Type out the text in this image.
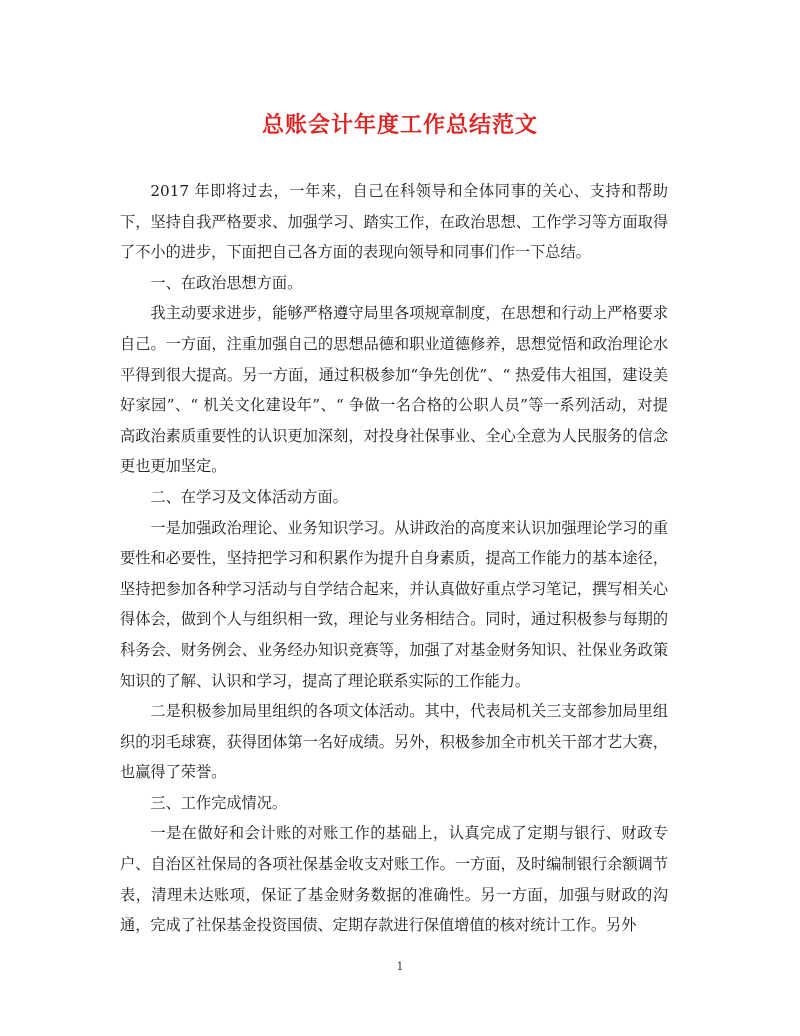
总账会计年度工作总结范文

2017 年即将过去，一年来，自己在科领导和全体同事的关心、支持和帮助下，坚持自我严格要求、加强学习、踏实工作，在政治思想、工作学习等方面取得了不小的进步，下面把自己各方面的表现向领导和同事们作一下总结。

一、在政治思想方面。

我主动要求进步，能够严格遵守局里各项规章制度，在思想和行动上严格要求自己。一方面，注重加强自己的思想品德和职业道德修养，思想觉悟和政治理论水平得到很大提高。另一方面，通过积极参加“争先创优”、“ 热爱伟大祖国，建设美好家园”、“ 机关文化建设年”、“ 争做一名合格的公职人员”等一系列活动，对提高政治素质重要性的认识更加深刻，对投身社保事业、全心全意为人民服务的信念更也更加坚定。

二、在学习及文体活动方面。

一是加强政治理论、业务知识学习。从讲政治的高度来认识加强理论学习的重要性和必要性，坚持把学习和积累作为提升自身素质，提高工作能力的基本途径，坚持把参加各种学习活动与自学结合起来，并认真做好重点学习笔记，撰写相关心得体会，做到个人与组织相一致，理论与业务相结合。同时，通过积极参与每期的科务会、财务例会、业务经办知识竞赛等，加强了对基金财务知识、社保业务政策知识的了解、认识和学习，提高了理论联系实际的工作能力。

二是积极参加局里组织的各项文体活动。其中，代表局机关三支部参加局里组织的羽毛球赛，获得团体第一名好成绩。另外，积极参加全市机关干部才艺大赛，也赢得了荣誉。

三、工作完成情况。

一是在做好和会计账的对账工作的基础上，认真完成了定期与银行、财政专户、自治区社保局的各项社保基金收支对账工作。一方面，及时编制银行余额调节表，清理未达账项，保证了基金财务数据的准确性。另一方面，加强与财政的沟通，完成了社保基金投资国债、定期存款进行保值增值的核对统计工作。另外

1
